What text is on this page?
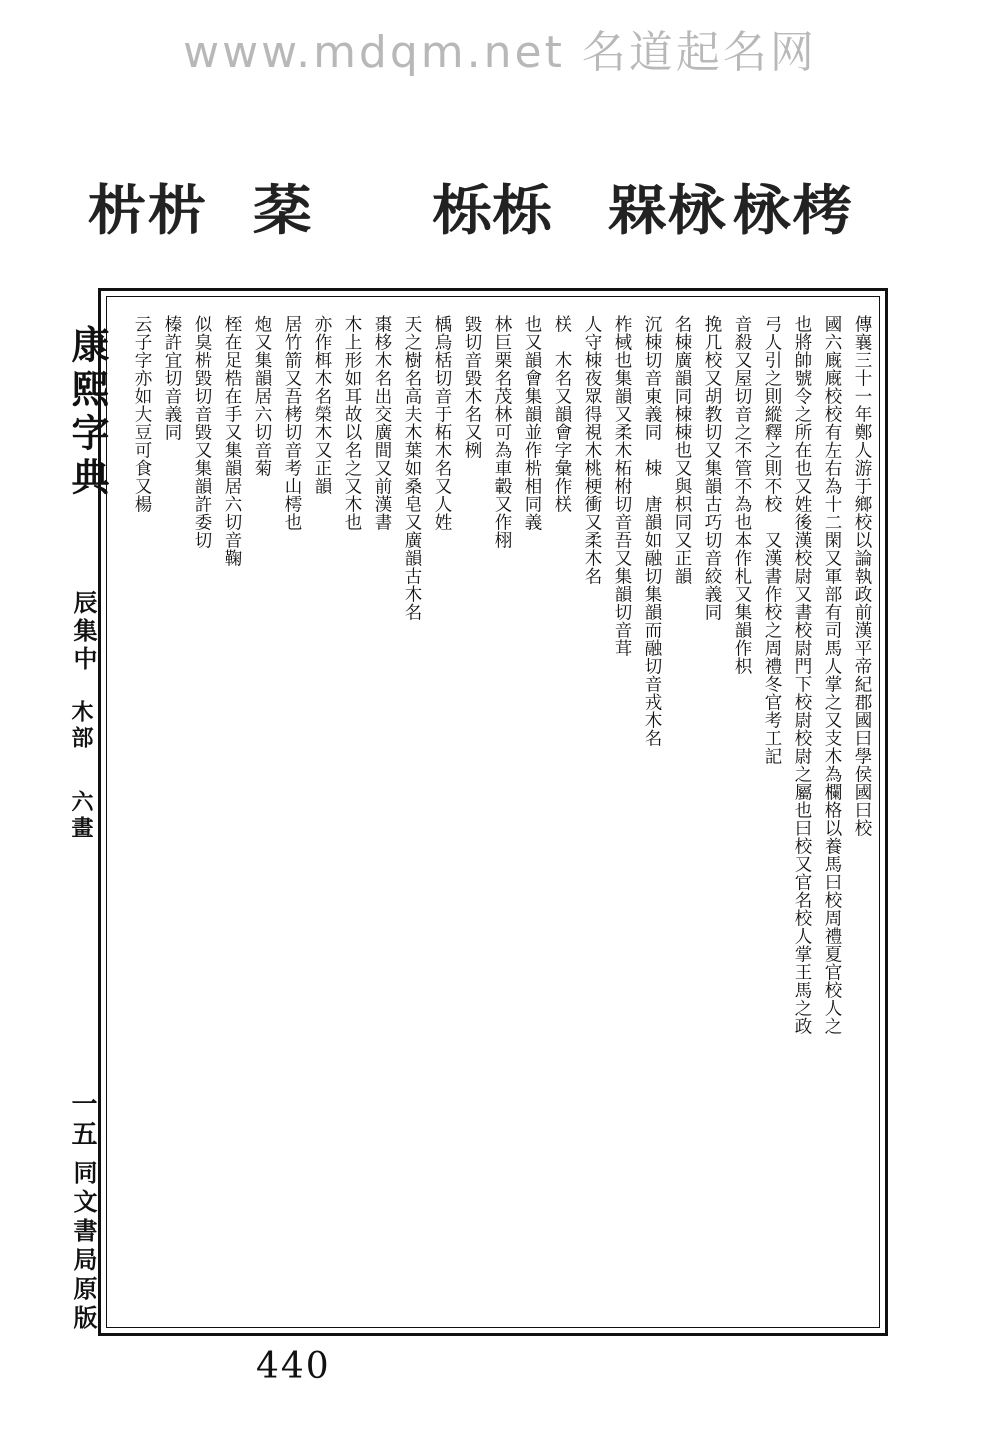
www.mdqm.net 名道起名网
㭊 㭊 棻 栎 栎 槑 栐 栐 栲
康熙字典
辰集中
木部
六畫
一五
同文書局原版
傳襄三十一年鄭人游于鄉校以論執政前漢平帝紀郡國曰學侯國曰校
國六廐廐校校有左右為十二閑又軍部有司馬人掌之又支木為欄格以養馬曰校周禮夏官校人之
也將帥號令之所在也又姓後漢校尉又書校尉門下校尉校尉之屬也曰校又官名校人掌王馬之政
弓人引之則縱釋之則不校　又漢書作校之周禮冬官考工記
音殺又屋切音之不管不為也本作札又集韻作枳
挽几校又胡教切又集韻古巧切音絞義同
名栜廣韻同栜栜也又與枳同又正韻
沉栜切音東義同　栜　唐韻如融切集韻而融切音戎木名
柞棫也集韻又柔木柘柎切音吾又集韻切音茸
人守栜夜眾得視木桃梗衝又柔木名
栚　木名又韻會字彙作栚
也又韻會集韻並作㭊相同義
林巨栗名茂林可為車轂又作栩
毀切音毀木名又栵
楀烏栝切音于柘木名又人姓
天之樹名高夫木葉如桑皂又廣韻古木名
棗栘木名出交廣間又前漢書
木上形如耳故以名之又木也
亦作栮木名榮木又正韻
居竹箭又吾栲切音考山樗也
炮又集韻居六切音菊
桎在足梏在手又集韻居六切音鞠
似臭㭊毀切音毀又集韻許委切
榛許宜切音義同
云子字亦如大豆可食又楊
440
